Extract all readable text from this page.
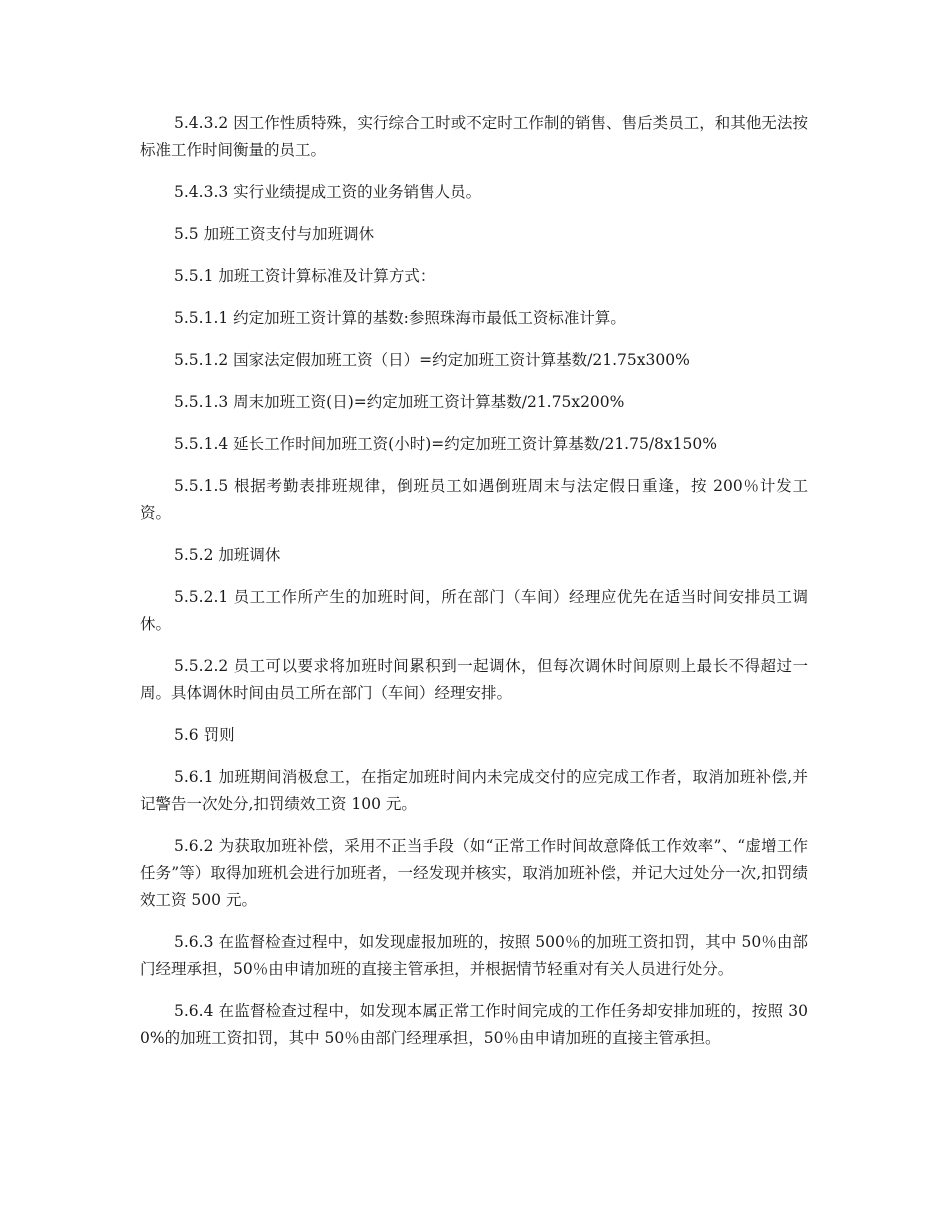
5.4.3.2 因工作性质特殊，实行综合工时或不定时工作制的销售、售后类员工，和其他无法按标准工作时间衡量的员工。

5.4.3.3 实行业绩提成工资的业务销售人员。

5.5 加班工资支付与加班调休

5.5.1 加班工资计算标准及计算方式：

5.5.1.1 约定加班工资计算的基数:参照珠海市最低工资标准计算。

5.5.1.2 国家法定假加班工资（日）=约定加班工资计算基数/21.75x300%

5.5.1.3 周末加班工资(日)=约定加班工资计算基数/21.75x200%

5.5.1.4 延长工作时间加班工资(小时)=约定加班工资计算基数/21.75/8x150%

5.5.1.5 根据考勤表排班规律，倒班员工如遇倒班周末与法定假日重逢，按 200％计发工资。

5.5.2 加班调休

5.5.2.1 员工工作所产生的加班时间，所在部门（车间）经理应优先在适当时间安排员工调休。

5.5.2.2 员工可以要求将加班时间累积到一起调休，但每次调休时间原则上最长不得超过一周。具体调休时间由员工所在部门（车间）经理安排。

5.6 罚则

5.6.1 加班期间消极怠工，在指定加班时间内未完成交付的应完成工作者，取消加班补偿,并记警告一次处分,扣罚绩效工资 100 元。

5.6.2 为获取加班补偿，采用不正当手段（如“正常工作时间故意降低工作效率”、“虚增工作任务”等）取得加班机会进行加班者，一经发现并核实，取消加班补偿，并记大过处分一次,扣罚绩效工资 500 元。

5.6.3 在监督检查过程中，如发现虚报加班的，按照 500％的加班工资扣罚，其中 50％由部门经理承担，50％由申请加班的直接主管承担，并根据情节轻重对有关人员进行处分。

5.6.4 在监督检查过程中，如发现本属正常工作时间完成的工作任务却安排加班的，按照 300%的加班工资扣罚，其中 50％由部门经理承担，50％由申请加班的直接主管承担。
